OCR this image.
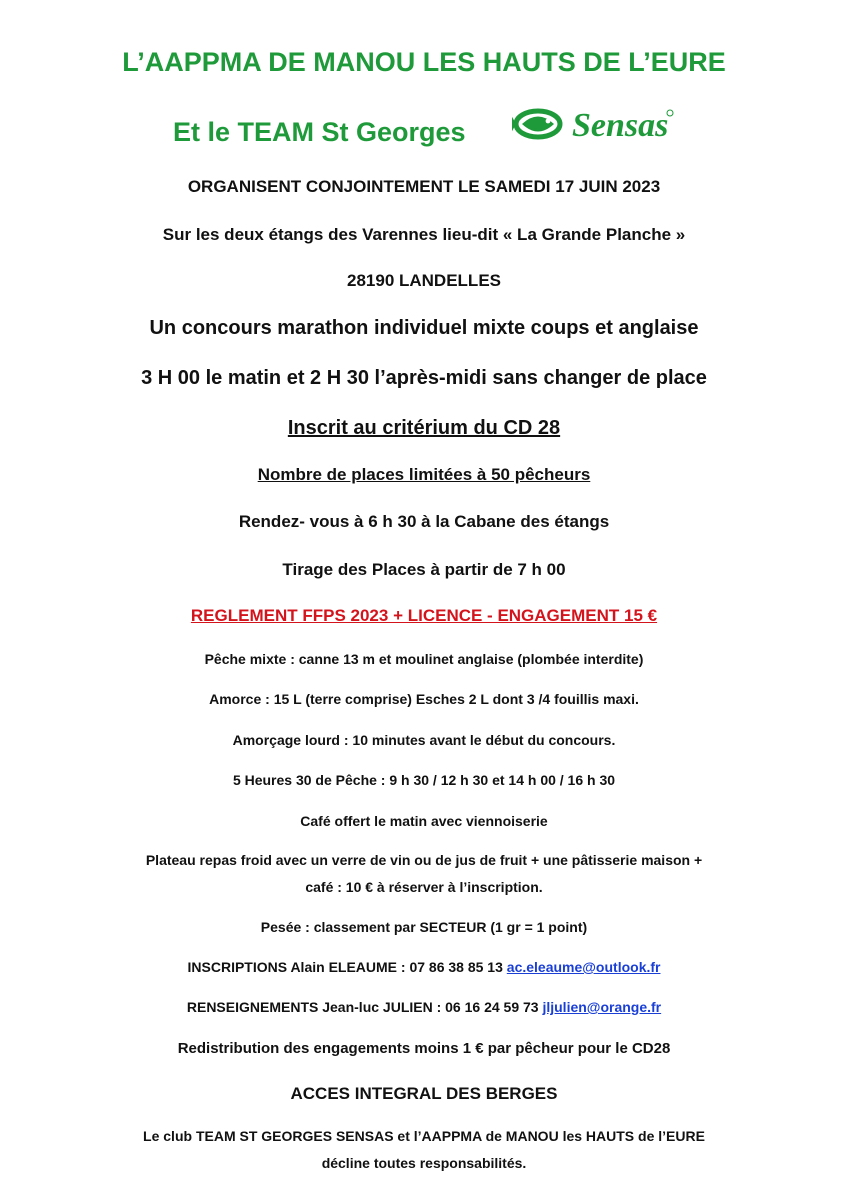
L’AAPPMA DE MANOU LES HAUTS DE L’EURE
Et le TEAM St Georges	Sensas
ORGANISENT CONJOINTEMENT LE SAMEDI 17 JUIN 2023
Sur les deux étangs des Varennes lieu-dit « La Grande Planche »
28190 LANDELLES
Un concours marathon individuel mixte coups et anglaise
3 H 00 le matin et 2 H 30 l’après-midi sans changer de place
Inscrit au critérium du CD 28
Nombre de places limitées à 50 pêcheurs
Rendez- vous à 6 h 30 à la Cabane des étangs
Tirage des Places à partir de 7 h 00
REGLEMENT FFPS 2023 + LICENCE - ENGAGEMENT 15 €
Pêche mixte : canne 13 m et moulinet anglaise (plombée interdite)
Amorce : 15 L (terre comprise) Esches 2 L dont 3 /4 fouillis maxi.
Amorçage lourd : 10 minutes avant le début du concours.
5 Heures 30 de Pêche : 9 h 30 / 12 h 30 et 14 h 00 / 16 h 30
Café offert le matin avec viennoiserie
Plateau repas froid avec un verre de vin ou de jus de fruit + une pâtisserie maison +
café : 10 € à réserver à l’inscription.
Pesée : classement par SECTEUR (1 gr = 1 point)
INSCRIPTIONS Alain ELEAUME : 07 86 38 85 13 ac.eleaume@outlook.fr
RENSEIGNEMENTS Jean-luc JULIEN : 06 16 24 59 73 jljulien@orange.fr
Redistribution des engagements moins 1 € par pêcheur pour le CD28
ACCES INTEGRAL DES BERGES
Le club TEAM ST GEORGES SENSAS et l’AAPPMA de MANOU les HAUTS de l’EURE
décline toutes responsabilités.
